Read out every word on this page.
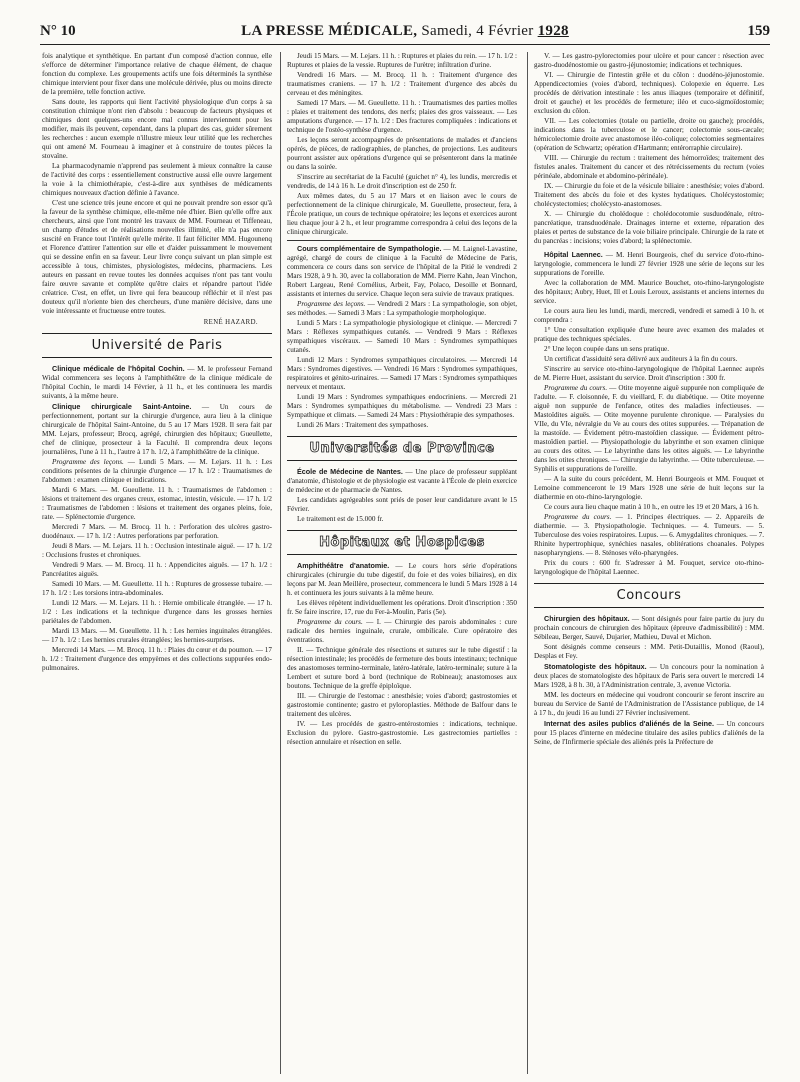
N° 10	LA PRESSE MÉDICALE, Samedi, 4 Février 1928	159

fois analytique et synthétique. En partant d'un composé d'action connue, elle s'efforce de déterminer l'importance relative de chaque élément, de chaque fonction du complexe. Les groupements actifs une fois déterminés la synthèse chimique intervient pour fixer dans une molécule dérivée, plus ou moins directe de la première, telle fonction active.

Sans doute, les rapports qui lient l'activité physiologique d'un corps à sa constitution chimique n'ont rien d'absolu : beaucoup de facteurs physiques et chimiques dont quelques-uns encore mal connus interviennent pour les modifier, mais ils peuvent, cependant, dans la plupart des cas, guider sûrement les recherches : aucun exemple n'illustre mieux leur utilité que les recherches qui ont amené M. Fourneau à imaginer et à construire de toutes pièces la stovaïne.

La pharmacodynamie n'apprend pas seulement à mieux connaître la cause de l'activité des corps : essentiellement constructive aussi elle ouvre largement la voie à la chimiothérapie, c'est-à-dire aux synthèses de médicaments chimiques nouveaux d'action définie à l'avance.

C'est une science très jeune encore et qui ne pouvait prendre son essor qu'à la faveur de la synthèse chimique, elle-même née d'hier. Bien qu'elle offre aux chercheurs, ainsi que l'ont montré les travaux de MM. Fourneau et Tiffeneau, un champ d'études et de réalisations nouvelles illimité, elle n'a pas encore suscité en France tout l'intérêt qu'elle mérite. Il faut féliciter MM. Hugounenq et Florence d'attirer l'attention sur elle et d'aider puissamment le mouvement qui se dessine enfin en sa faveur. Leur livre conçu suivant un plan simple est accessible à tous, chimistes, physiologistes, médecins, pharmaciens. Les auteurs en passant en revue toutes les données acquises n'ont pas tant voulu faire œuvre savante et complète qu'être clairs et répandre partout l'idée créatrice. C'est, en effet, un livre qui fera beaucoup réfléchir et il n'est pas douteux qu'il n'oriente bien des chercheurs, d'une manière décisive, dans une voie intéressante et fructueuse entre toutes.

RENÉ HAZARD.
Université de Paris

Clinique médicale de l'hôpital Cochin. — M. le professeur Fernand Widal commencera ses leçons à l'amphithéâtre de la clinique médicale de l'hôpital Cochin, le mardi 14 Février, à 11 h., et les continuera les mardis suivants, à la même heure.

Clinique chirurgicale Saint-Antoine. — Un cours de perfectionnement, portant sur la chirurgie d'urgence, aura lieu à la clinique chirurgicale de l'hôpital Saint-Antoine, du 5 au 17 Mars 1928. Il sera fait par MM. Lejars, professeur; Brocq, agrégé, chirurgien des hôpitaux; Gueullette, chef de clinique, prosecteur à la Faculté. Il comprendra deux leçons journalières, l'une à 11 h., l'autre à 17 h. 1/2, à l'amphithéâtre de la clinique.

Programme des leçons. — Lundi 5 Mars. — M. Lejars. 11 h. : Les conditions présentes de la chirurgie d'urgence — 17 h. 1/2 : Traumatismes de l'abdomen : examen clinique et indications.

Mardi 6 Mars. — M. Gueullette. 11 h. : Traumatismes de l'abdomen : lésions et traitement des organes creux, estomac, intestin, vésicule. — 17 h. 1/2 : Traumatismes de l'abdomen : lésions et traitement des organes pleins, foie, rate. — Splénectomie d'urgence.

Mercredi 7 Mars. — M. Brocq. 11 h. : Perforation des ulcères gastro-duodénaux. — 17 h. 1/2 : Autres perforations par perforation.

Jeudi 8 Mars. — M. Lejars. 11 h. : Occlusion intestinale aiguë. — 17 h. 1/2 : Occlusions frustes et chroniques.

Vendredi 9 Mars. — M. Brocq. 11 h. : Appendicites aiguës. — 17 h. 1/2 : Pancréatites aiguës.

Samedi 10 Mars. — M. Gueullette. 11 h. : Ruptures de grossesse tubaire. — 17 h. 1/2 : Les torsions intra-abdominales.

Lundi 12 Mars. — M. Lejars. 11 h. : Hernie ombilicale étranglée. — 17 h. 1/2 : Les indications et la technique d'urgence dans les grosses hernies pariétales de l'abdomen.

Mardi 13 Mars. — M. Gueullette. 11 h. : Les hernies inguinales étranglées. — 17 h. 1/2 : Les hernies crurales étranglées; les hernies-surprises.

Mercredi 14 Mars. — M. Brocq. 11 h. : Plaies du cœur et du poumon. — 17 h. 1/2 : Traitement d'urgence des empyèmes et des collections suppurées endo-pulmonaires.

Jeudi 15 Mars. — M. Lejars. 11 h. : Ruptures et plaies du rein. — 17 h. 1/2 : Ruptures et plaies de la vessie. Ruptures de l'urètre; infiltration d'urine.

Vendredi 16 Mars. — M. Brocq. 11 h. : Traitement d'urgence des traumatismes craniens. — 17 h. 1/2 : Traitement d'urgence des abcès du cerveau et des méningites.

Samedi 17 Mars. — M. Gueullette. 11 h. : Traumatismes des parties molles : plaies et traitement des tendons, des nerfs; plaies des gros vaisseaux. — Les amputations d'urgence. — 17 h. 1/2 : Des fractures compliquées : indications et technique de l'ostéo-synthèse d'urgence.

Les leçons seront accompagnées de présentations de malades et d'anciens opérés, de pièces, de radiographies, de planches, de projections. Les auditeurs pourront assister aux opérations d'urgence qui se présenteront dans la matinée ou dans la soirée.

S'inscrire au secrétariat de la Faculté (guichet n° 4), les lundis, mercredis et vendredis, de 14 à 16 h. Le droit d'inscription est de 250 fr.

Aux mêmes dates, du 5 au 17 Mars et en liaison avec le cours de perfectionnement de la clinique chirurgicale, M. Gueullette, prosecteur, fera, à l'École pratique, un cours de technique opératoire; les leçons et exercices auront lieu chaque jour à 2 h., et leur programme correspondra à celui des leçons de la clinique chirurgicale.

Cours complémentaire de Sympathologie. — M. Laignel-Lavastine, agrégé, chargé de cours de clinique à la Faculté de Médecine de Paris, commencera ce cours dans son service de l'hôpital de la Pitié le vendredi 2 Mars 1928, à 9 h. 30, avec la collaboration de MM. Pierre Kahn, Jean Vinchon, Robert Largeau, René Cornélius, Arbeit, Fay, Polaco, Desoille et Bonnard, assistants et internes du service. Chaque leçon sera suivie de travaux pratiques.

Programme des leçons. — Vendredi 2 Mars : La sympathologie, son objet, ses méthodes. — Samedi 3 Mars : La sympathologie morphologique.

Lundi 5 Mars : La sympathologie physiologique et clinique. — Mercredi 7 Mars : Réflexes sympathiques cutanés. — Vendredi 9 Mars : Réflexes sympathiques viscéraux. — Samedi 10 Mars : Syndromes sympathiques cutanés.

Lundi 12 Mars : Syndromes sympathiques circulatoires. — Mercredi 14 Mars : Syndromes digestives. — Vendredi 16 Mars : Syndromes sympathiques, respiratoires et génito-urinaires. — Samedi 17 Mars : Syndromes sympathiques nerveux et mentaux.

Lundi 19 Mars : Syndromes sympathiques endocriniens. — Mercredi 21 Mars : Syndromes sympathiques du métabolisme. — Vendredi 23 Mars : Sympathique et climats. — Samedi 24 Mars : Physiothérapie des sympathoses.

Lundi 26 Mars : Traitement des sympathoses.

Universités de Province

École de Médecine de Nantes. — Une place de professeur suppléant d'anatomie, d'histologie et de physiologie est vacante à l'École de plein exercice de médecine et de pharmacie de Nantes.

Les candidats agrégeables sont priés de poser leur candidature avant le 15 Février.

Le traitement est de 15.000 fr.

Hôpitaux et Hospices

Amphithéâtre d'anatomie. — Le cours hors série d'opérations chirurgicales (chirurgie du tube digestif, du foie et des voies biliaires), en dix leçons par M. Jean Meillère, prosecteur, commencera le lundi 5 Mars 1928 à 14 h. et continuera les jours suivants à la même heure.

Les élèves répètent individuellement les opérations. Droit d'inscription : 350 fr. Se faire inscrire, 17, rue du Fer-à-Moulin, Paris (5e).

Programme du cours. — I. — Chirurgie des parois abdominales : cure radicale des hernies inguinale, crurale, ombilicale. Cure opératoire des éventrations.

II. — Technique générale des résections et sutures sur le tube digestif : la résection intestinale; les procédés de fermeture des bouts intestinaux; technique des anastomoses termino-terminale, latéro-latérale, latéro-terminale; suture à la Lembert et suture bord à bord (technique de Robineau); anastomoses aux boutons. Technique de la greffe épiploïque.

III. — Chirurgie de l'estomac : anesthésie; voies d'abord; gastrostomies et gastrostomie continente; gastro et pyloroplasties. Méthode de Balfour dans le traitement des ulcères.

IV. — Les procédés de gastro-entérostomies : indications, technique. Exclusion du pylore. Gastro-gastrostomie. Les gastrectomies partielles : résection annulaire et résection en selle.

V. — Les gastro-pylorectomies pour ulcère et pour cancer : résection avec gastro-duodénostomie ou gastro-jéjunostomie; indications et techniques.

VI. — Chirurgie de l'intestin grêle et du côlon : duodéno-jéjunostomie. Appendicectomies (voies d'abord, techniques). Colopexie en équerre. Les procédés de dérivation intestinale : les anus iliaques (temporaire et définitif, droit et gauche) et les procédés de fermeture; iléo et cuco-sigmoïdostomie; exclusion du côlon.

VII. — Les colectomies (totale ou partielle, droite ou gauche); procédés, indications dans la tuberculose et le cancer; colectomie sous-cæcale; hémicolectomie droite avec anastomose iléo-colique; colectomies segmentaires (opération de Schwartz; opération d'Hartmann; entérorraphie circulaire).

VIII. — Chirurgie du rectum : traitement des hémorroïdes; traitement des fistules anales. Traitement du cancer et des rétrécissements du rectum (voies périnéale, abdominale et abdomino-périnéale).

IX. — Chirurgie du foie et de la vésicule biliaire : anesthésie; voies d'abord. Traitement des abcès du foie et des kystes hydatiques. Cholécystostomie; cholécystectomies; cholécysto-anastomoses.

X. — Chirurgie du cholédoque : cholédocotomie susduodénale, rétro-pancréatique, transduodénale. Drainages interne et externe, réparation des plaies et pertes de substance de la voie biliaire principale. Chirurgie de la rate et du pancréas : incisions; voies d'abord; la splénectomie.

Hôpital Laennec. — M. Henri Bourgeois, chef du service d'oto-rhino-laryngologie, commencera le lundi 27 février 1928 une série de leçons sur les suppurations de l'oreille.

Avec la collaboration de MM. Maurice Bouchet, oto-rhino-laryngologiste des hôpitaux; Aubry, Huet, Ill et Louis Leroux, assistants et anciens internes du service.

Le cours aura lieu les lundi, mardi, mercredi, vendredi et samedi à 10 h. et comprendra :

1° Une consultation expliquée d'une heure avec examen des malades et pratique des techniques spéciales.

2° Une leçon coupée dans un sens pratique.

Un certificat d'assiduité sera délivré aux auditeurs à la fin du cours.

S'inscrire au service oto-rhino-laryngologique de l'hôpital Laennec auprès de M. Pierre Huet, assistant du service. Droit d'inscription : 300 fr.

Programme du cours. — Otite moyenne aiguë suppurée non compliquée de l'adulte. — F. cloisonnée, F. du vieillard, F. du diabétique. — Otite moyenne aiguë non suppurée de l'enfance, otites des maladies infectieuses. — Mastoïdites aiguës. — Otite moyenne purulente chronique. — Paralysies du VIIe, du VIe, névralgie du Ve au cours des otites suppurées. — Trépanation de la mastoïde. — Évidement pétro-mastoïdien classique. — Évidement pétro-mastoïdien partiel. — Physiopathologie du labyrinthe et son examen clinique au cours des otites. — Le labyrinthe dans les otites aiguës. — Le labyrinthe dans les otites chroniques. — Chirurgie du labyrinthe. — Otite tuberculeuse. — Syphilis et suppurations de l'oreille.

— A la suite du cours précédent, M. Henri Bourgeois et MM. Fouquet et Lemoine commenceront le 19 Mars 1928 une série de huit leçons sur la diathermie en oto-rhino-laryngologie.

Ce cours aura lieu chaque matin à 10 h., en outre les 19 et 20 Mars, à 16 h.

Programme du cours. — 1. Principes électriques. — 2. Appareils de diathermie. — 3. Physiopathologie. Techniques. — 4. Tumeurs. — 5. Tuberculose des voies respiratoires. Lupus. — 6. Amygdalites chroniques. — 7. Rhinite hypertrophique, synéchies nasales, oblitérations choanales. Polypes nasopharyngiens. — 8. Sténoses vélo-pharyngées.

Prix du cours : 600 fr. S'adresser à M. Fouquet, service oto-rhino-laryngologique de l'hôpital Laennec.

Concours

Chirurgien des hôpitaux. — Sont désignés pour faire partie du jury du prochain concours de chirurgien des hôpitaux (épreuve d'admissibilité) : MM. Sébileau, Berger, Sauvé, Dujarier, Mathieu, Duval et Michon.

Sont désignés comme censeurs : MM. Petit-Dutaillis, Monod (Raoul), Desplas et Fey.

Stomatologiste des hôpitaux. — Un concours pour la nomination à deux places de stomatologiste des hôpitaux de Paris sera ouvert le mercredi 14 Mars 1928, à 8 h. 30, à l'Administration centrale, 3, avenue Victoria.

MM. les docteurs en médecine qui voudront concourir se feront inscrire au bureau du Service de Santé de l'Administration de l'Assistance publique, de 14 à 17 h., du jeudi 16 au lundi 27 Février inclusivement.

Internat des asiles publics d'aliénés de la Seine. — Un concours pour 15 places d'interne en médecine titulaire des asiles publics d'aliénés de la Seine, de l'Infirmerie spéciale des aliénés près la Préfecture de
